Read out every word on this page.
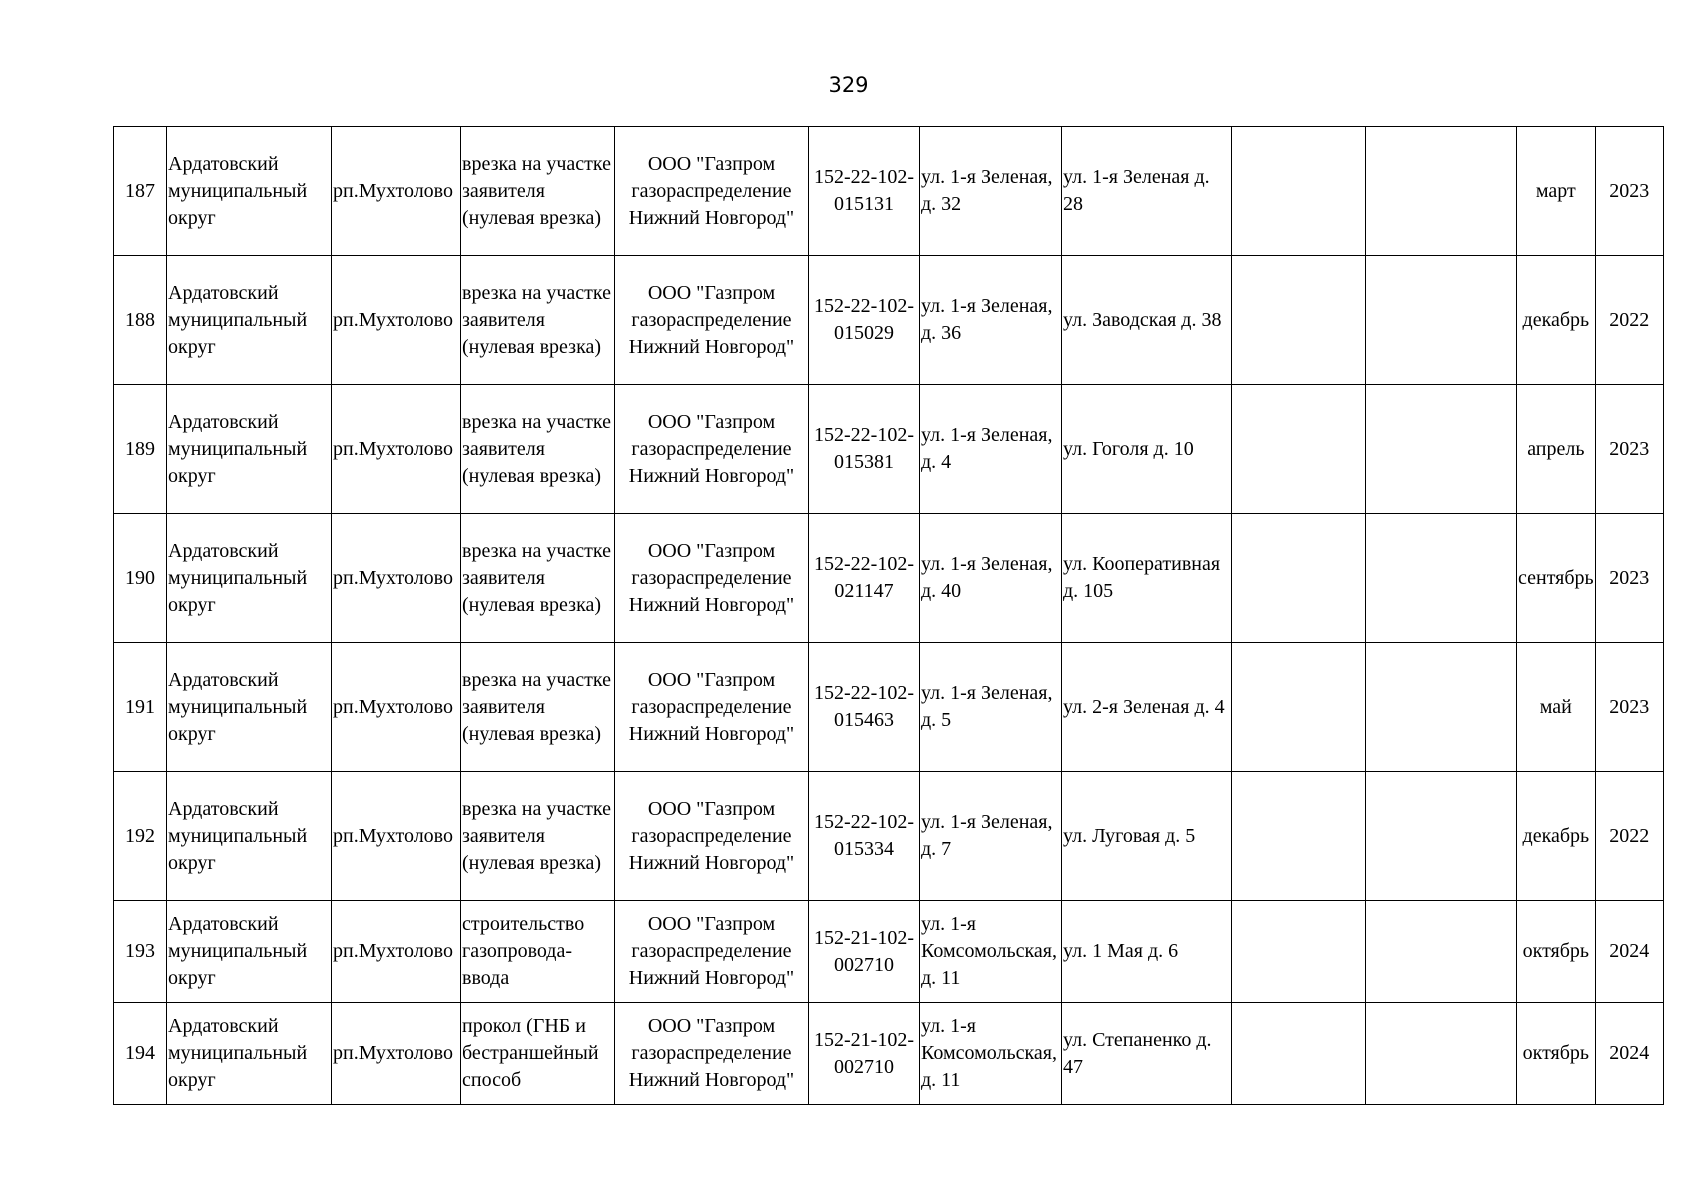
329
187	Ардатовский муниципальный округ	рп.Мухтолово	врезка на участке заявителя (нулевая врезка)	ООО "Газпром газораспределение Нижний Новгород"	152-22-102-015131	ул. 1-я Зеленая, д. 32	ул. 1-я Зеленая д. 28			март	2023
188	Ардатовский муниципальный округ	рп.Мухтолово	врезка на участке заявителя (нулевая врезка)	ООО "Газпром газораспределение Нижний Новгород"	152-22-102-015029	ул. 1-я Зеленая, д. 36	ул. Заводская д. 38			декабрь	2022
189	Ардатовский муниципальный округ	рп.Мухтолово	врезка на участке заявителя (нулевая врезка)	ООО "Газпром газораспределение Нижний Новгород"	152-22-102-015381	ул. 1-я Зеленая, д. 4	ул. Гоголя д. 10			апрель	2023
190	Ардатовский муниципальный округ	рп.Мухтолово	врезка на участке заявителя (нулевая врезка)	ООО "Газпром газораспределение Нижний Новгород"	152-22-102-021147	ул. 1-я Зеленая, д. 40	ул. Кооперативная д. 105			сентябрь	2023
191	Ардатовский муниципальный округ	рп.Мухтолово	врезка на участке заявителя (нулевая врезка)	ООО "Газпром газораспределение Нижний Новгород"	152-22-102-015463	ул. 1-я Зеленая, д. 5	ул. 2-я Зеленая д. 4			май	2023
192	Ардатовский муниципальный округ	рп.Мухтолово	врезка на участке заявителя (нулевая врезка)	ООО "Газпром газораспределение Нижний Новгород"	152-22-102-015334	ул. 1-я Зеленая, д. 7	ул. Луговая д. 5			декабрь	2022
193	Ардатовский муниципальный округ	рп.Мухтолово	строительство газопровода-ввода	ООО "Газпром газораспределение Нижний Новгород"	152-21-102-002710	ул. 1-я Комсомольская, д. 11	ул. 1 Мая д. 6			октябрь	2024
194	Ардатовский муниципальный округ	рп.Мухтолово	прокол (ГНБ и бестраншейный способ	ООО "Газпром газораспределение Нижний Новгород"	152-21-102-002710	ул. 1-я Комсомольская, д. 11	ул. Степаненко д. 47			октябрь	2024
